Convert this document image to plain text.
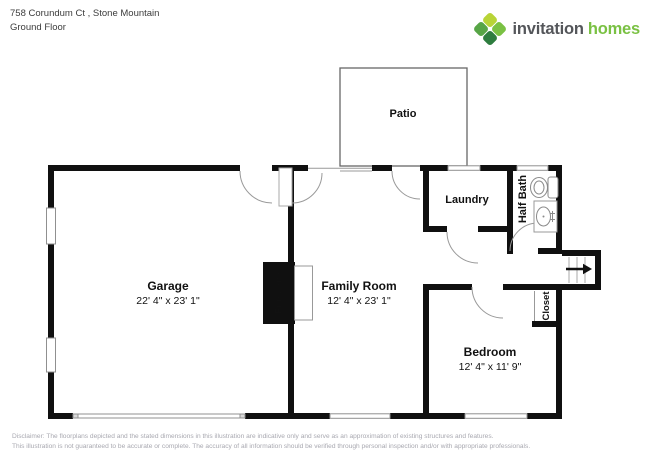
758 Corundum Ct , Stone Mountain
Ground Floor	invitation homes
Patio
Fireplace
Garage
22' 4" x 23' 1"
Family Room
12' 4" x 23' 1"
Bedroom
12' 4" x 11' 9"
Laundry	Half Bath
Closet
Disclaimer: The floorplans depicted and the stated dimensions in this illustration are indicative only and serve as an approximation of existing structures and features.
This illustration is not guaranteed to be accurate or complete. The accuracy of all information should be verified through personal inspection and/or with appropriate professionals.
